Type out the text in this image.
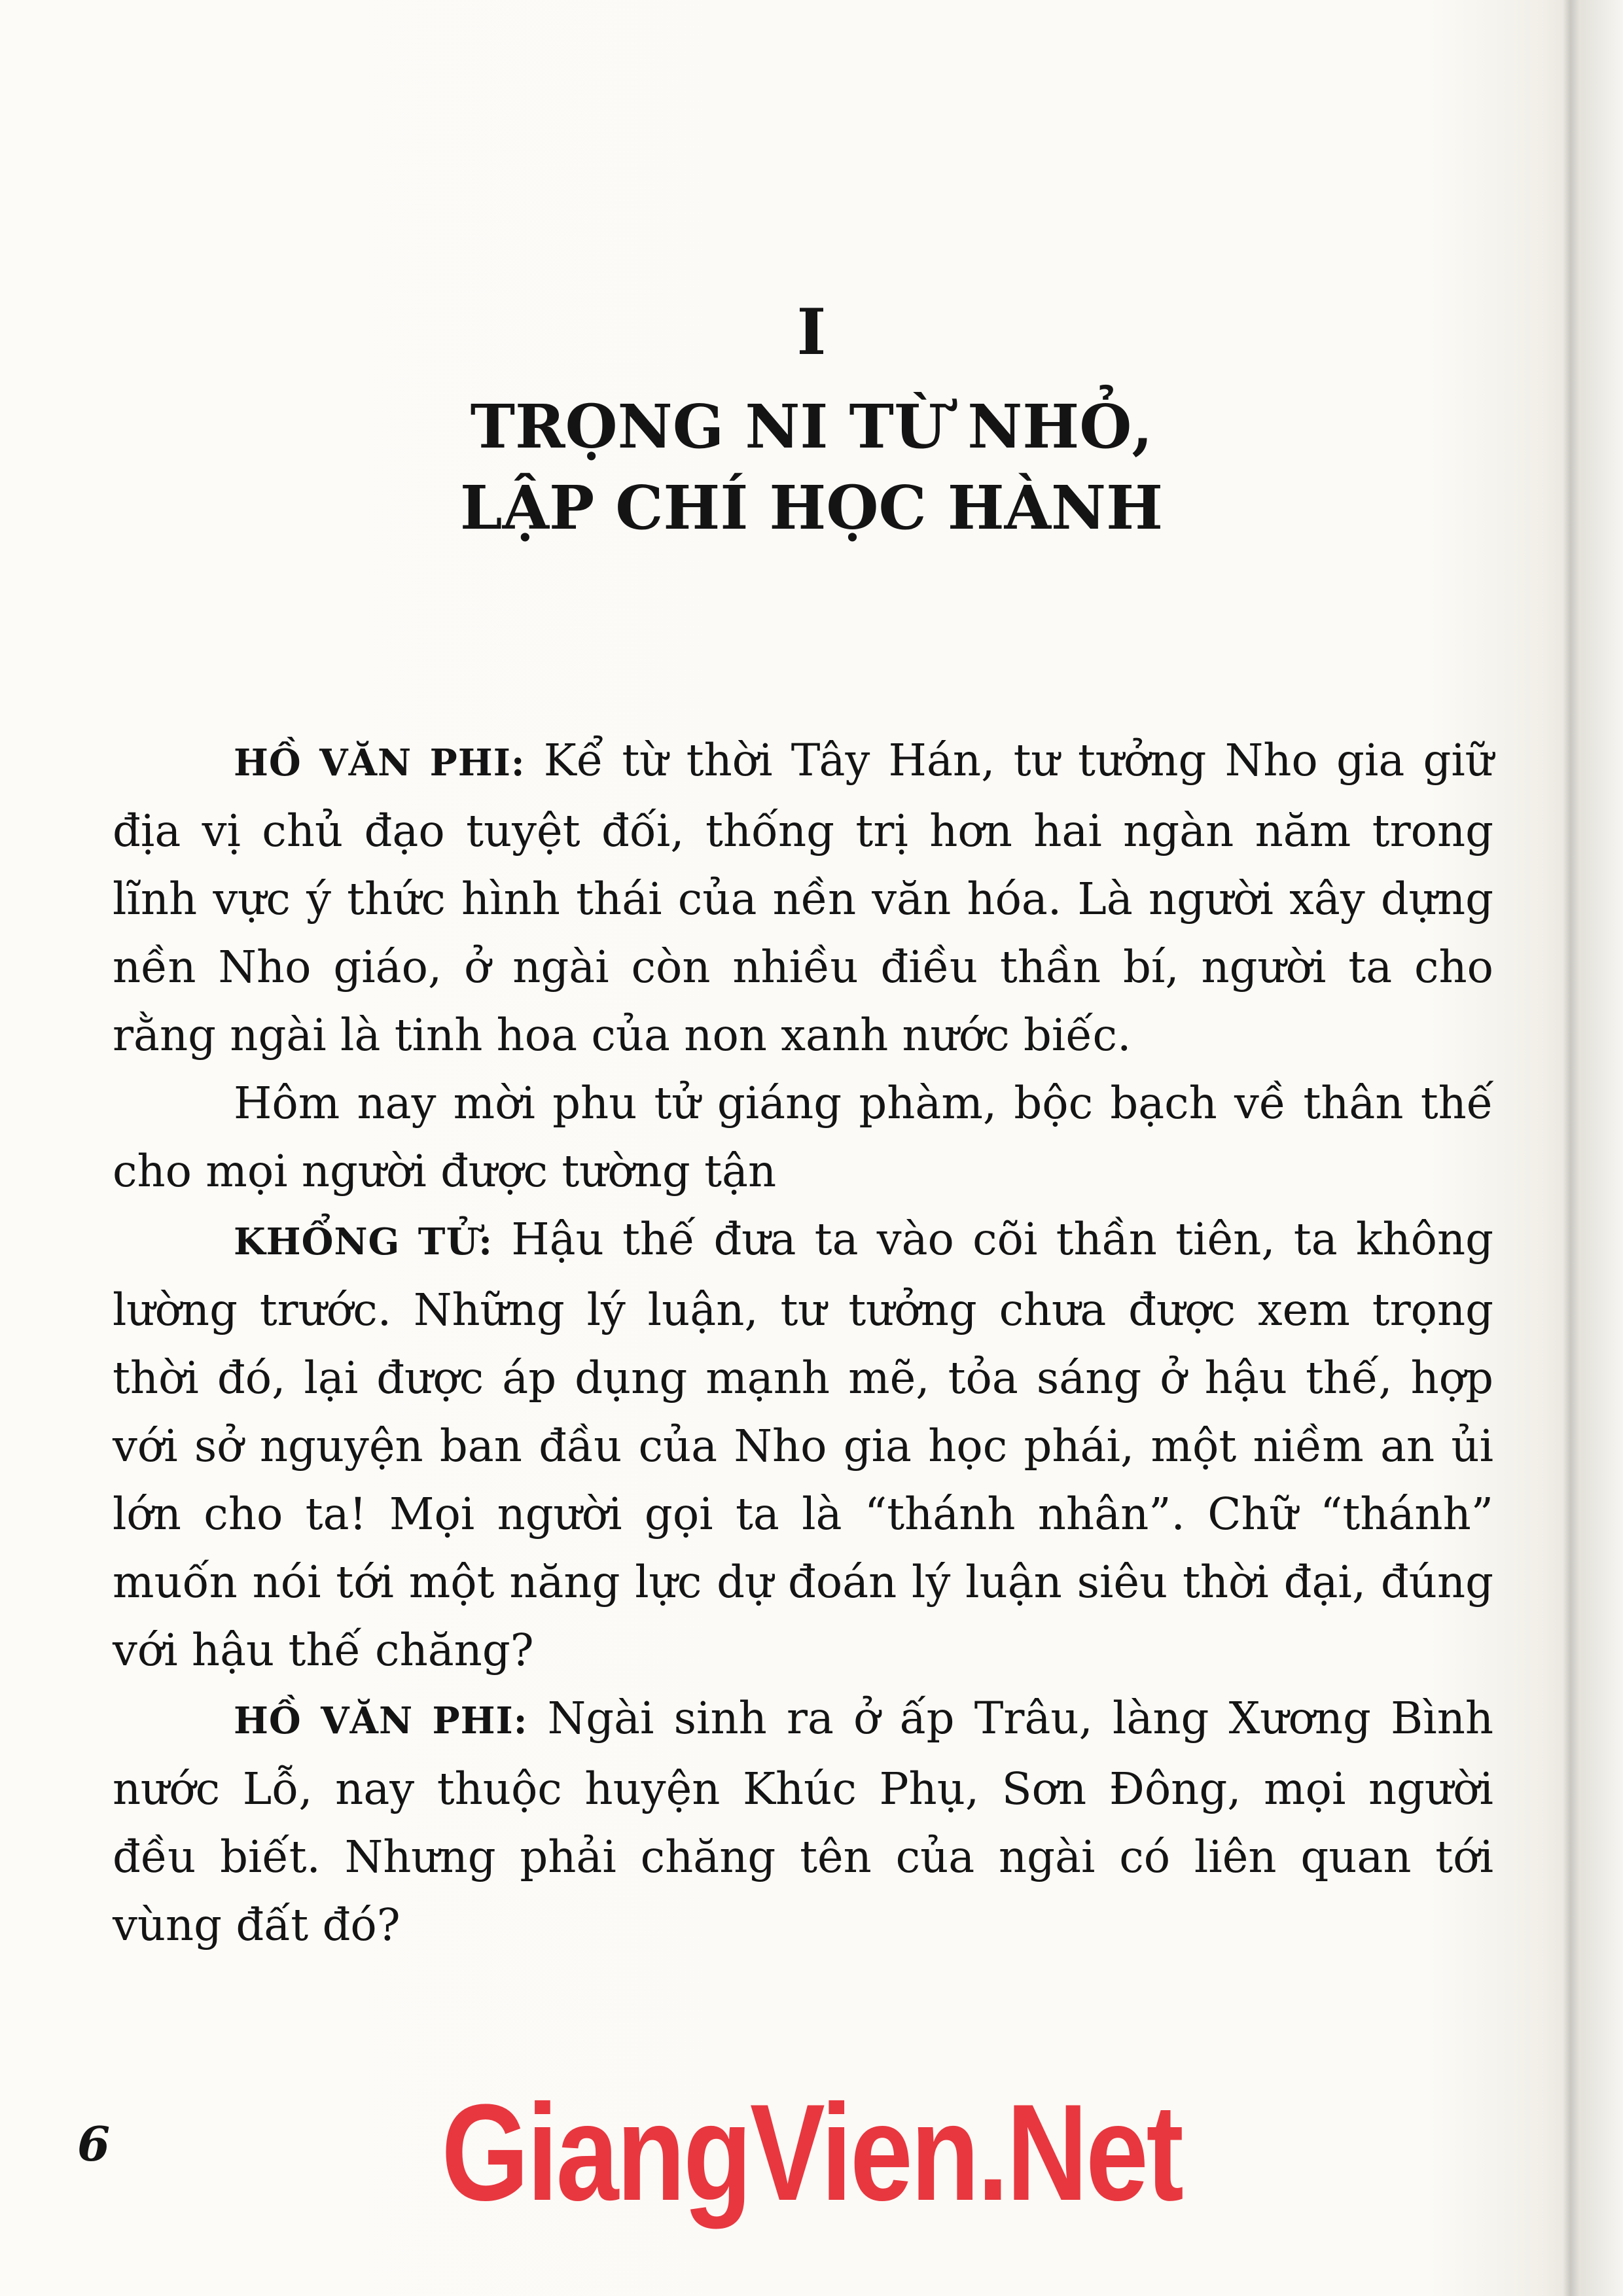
I
TRỌNG NI TỪ NHỎ,
LẬP CHÍ HỌC HÀNH

HỒ VĂN PHI: Kể từ thời Tây Hán, tư tưởng Nho gia giữ địa vị chủ đạo tuyệt đối, thống trị hơn hai ngàn năm trong lĩnh vực ý thức hình thái của nền văn hóa. Là người xây dựng nền Nho giáo, ở ngài còn nhiều điều thần bí, người ta cho rằng ngài là tinh hoa của non xanh nước biếc.

Hôm nay mời phu tử giáng phàm, bộc bạch về thân thế cho mọi người được tường tận

KHỔNG TỬ: Hậu thế đưa ta vào cõi thần tiên, ta không lường trước. Những lý luận, tư tưởng chưa được xem trọng thời đó, lại được áp dụng mạnh mẽ, tỏa sáng ở hậu thế, hợp với sở nguyện ban đầu của Nho gia học phái, một niềm an ủi lớn cho ta! Mọi người gọi ta là “thánh nhân”. Chữ “thánh” muốn nói tới một năng lực dự đoán lý luận siêu thời đại, đúng với hậu thế chăng?

HỒ VĂN PHI: Ngài sinh ra ở ấp Trâu, làng Xương Bình nước Lỗ, nay thuộc huyện Khúc Phụ, Sơn Đông, mọi người đều biết. Nhưng phải chăng tên của ngài có liên quan tới vùng đất đó?

6	GiangVien.Net
